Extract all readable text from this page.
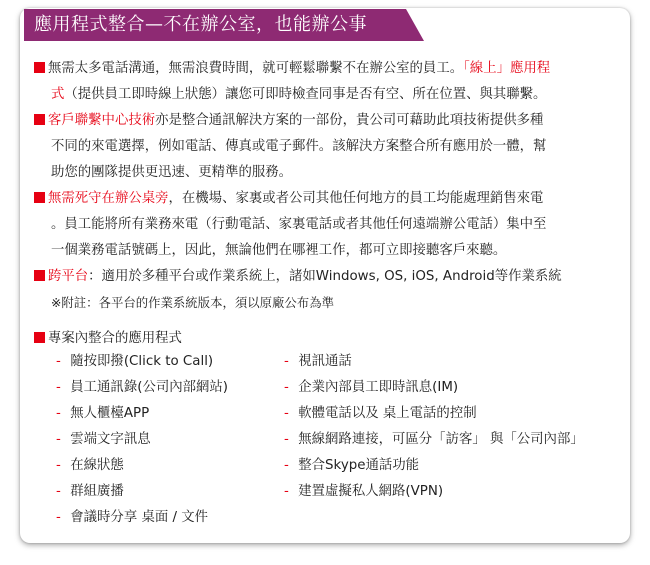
應用程式整合—不在辦公室，也能辦公事
無需太多電話溝通，無需浪費時間，就可輕鬆聯繫不在辦公室的員工。「線上」應用程
式（提供員工即時線上狀態）讓您可即時檢查同事是否有空、所在位置、與其聯繫。
客戶聯繫中心技術亦是整合通訊解決方案的一部份，貴公司可藉助此項技術提供多種
不同的來電選擇，例如電話、傳真或電子郵件。該解決方案整合所有應用於一體，幫
助您的團隊提供更迅速、更精準的服務。
無需死守在辦公桌旁，在機場、家裏或者公司其他任何地方的員工均能處理銷售來電
。員工能將所有業務來電（行動電話、家裏電話或者其他任何遠端辦公電話）集中至
一個業務電話號碼上，因此，無論他們在哪裡工作，都可立即接聽客戶來聽。
跨平台：適用於多種平台或作業系統上，諸如Windows, OS, iOS, Android等作業系統
※附註：各平台的作業系統版本，須以原廠公布為準
專案內整合的應用程式
- 隨按即撥(Click to Call)
- 員工通訊錄(公司內部網站)
- 無人櫃檯APP
- 雲端文字訊息
- 在線狀態
- 群組廣播
- 會議時分享 桌面 / 文件
- 視訊通話
- 企業內部員工即時訊息(IM)
- 軟體電話以及 桌上電話的控制
- 無線網路連接，可區分「訪客」 與「公司內部」
- 整合Skype通話功能
- 建置虛擬私人網路(VPN)
